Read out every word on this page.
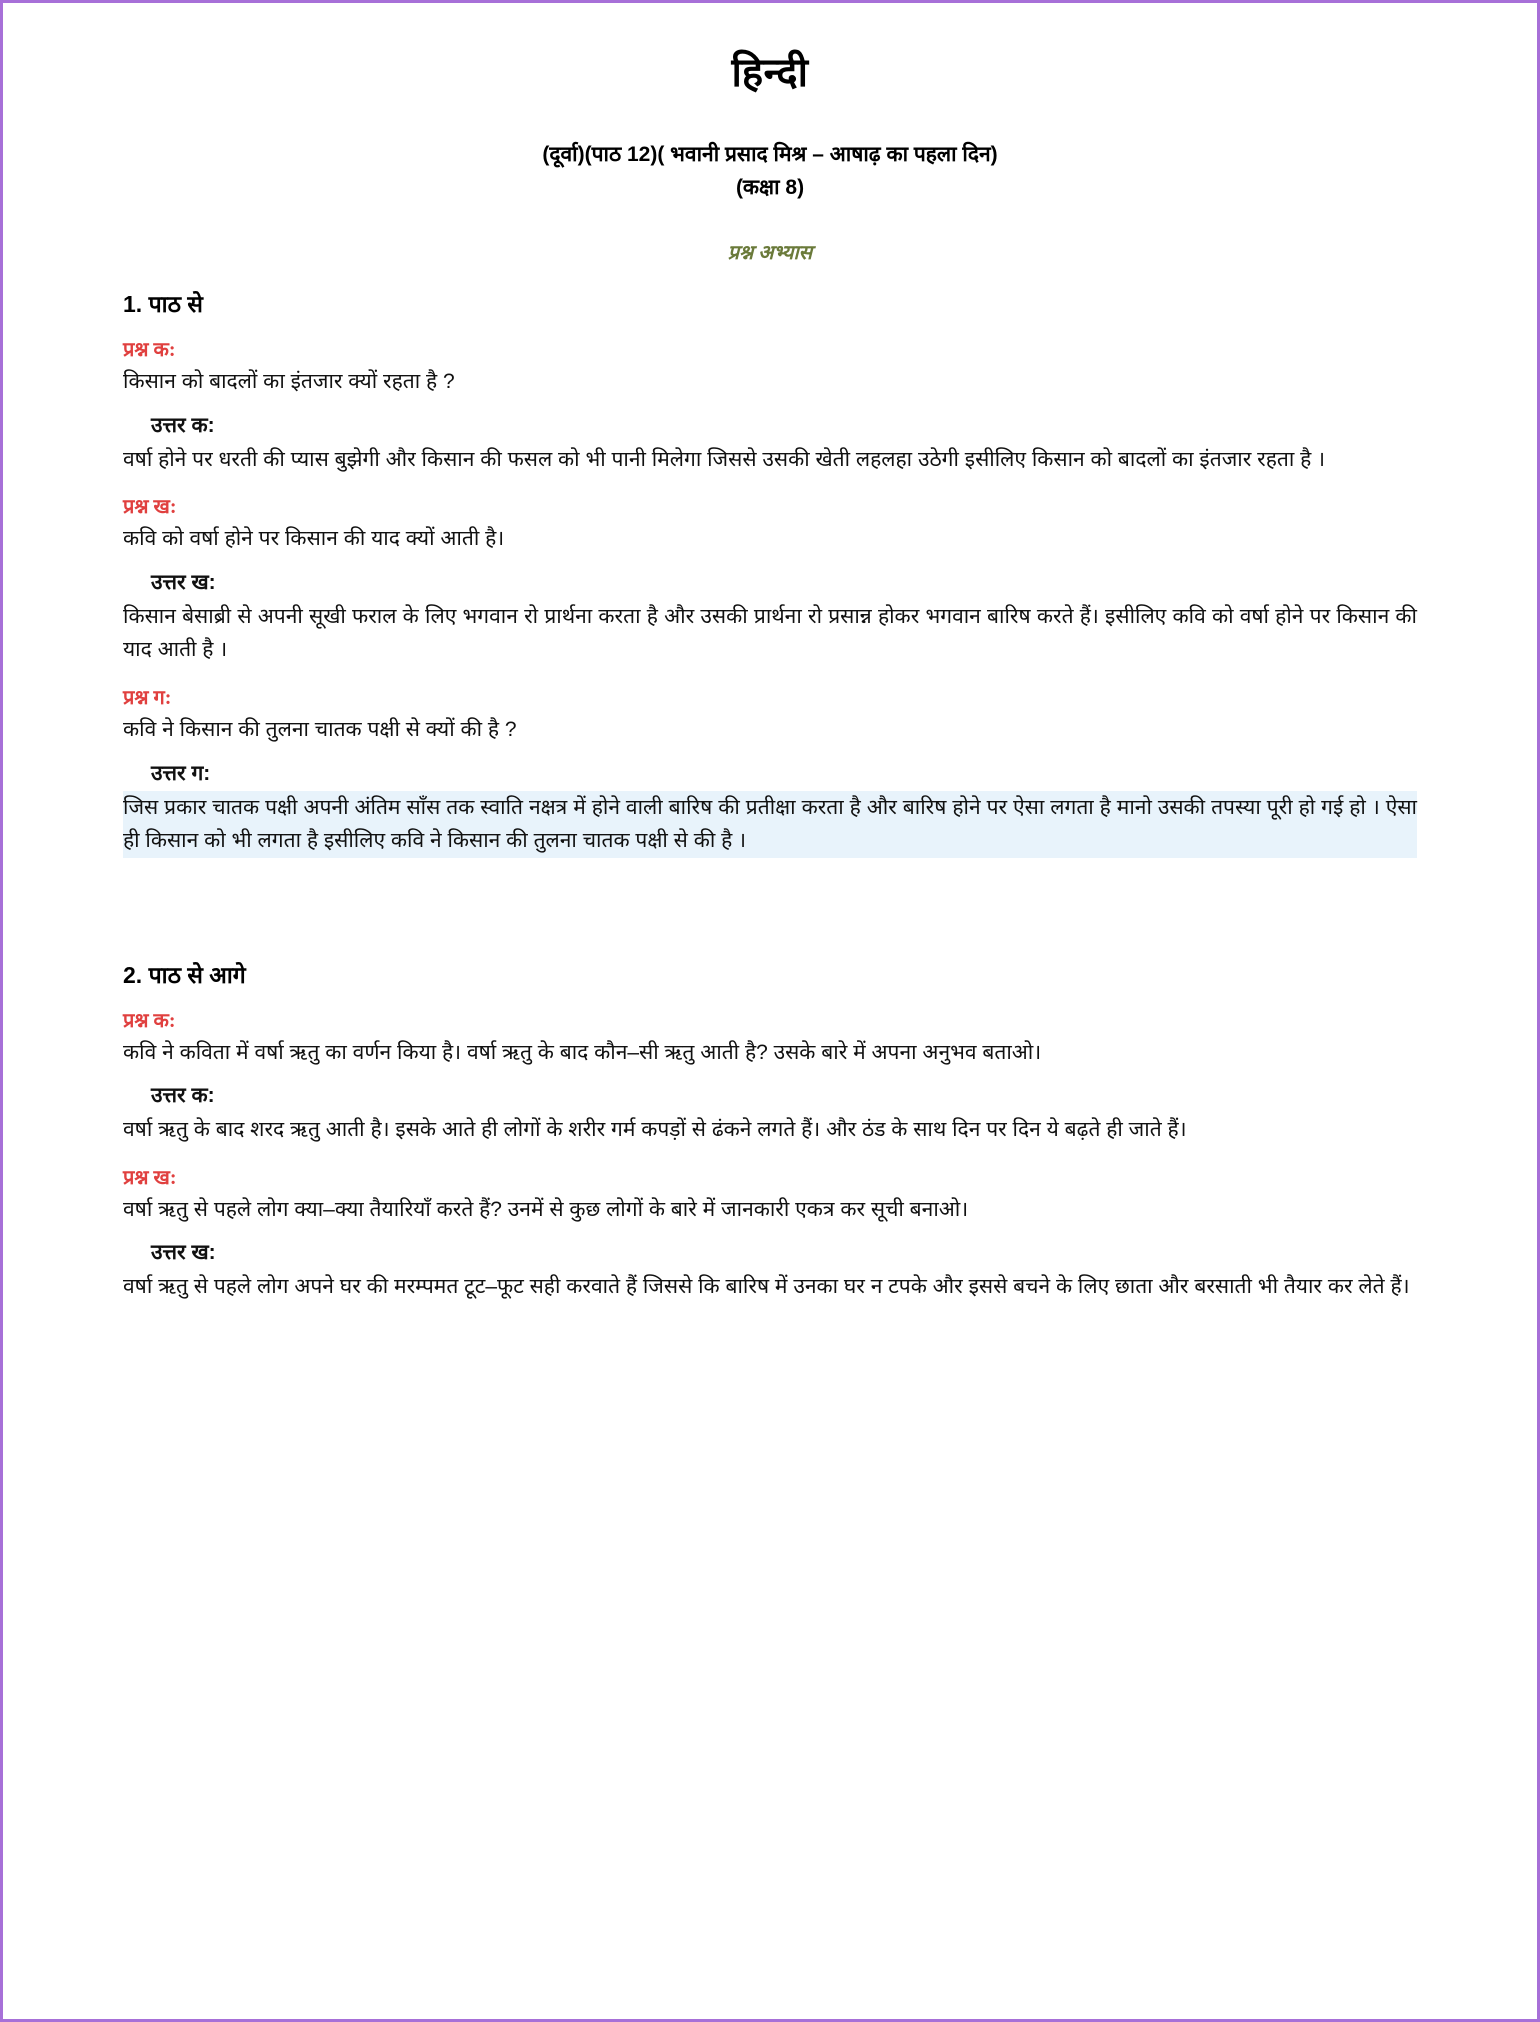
हिन्दी
(दूर्वा)(पाठ 12)( भवानी प्रसाद मिश्र – आषाढ़ का पहला दिन)
(कक्षा 8)
प्रश्न अभ्यास
1. पाठ से
प्रश्न क:
किसान को बादलों का इंतजार क्यों रहता है ?
उत्तर क:
वर्षा होने पर धरती की प्यास बुझेगी और किसान की फसल को भी पानी मिलेगा जिससे उसकी खेती लहलहा उठेगी इसीलिए किसान को बादलों का इंतजार रहता है ।
प्रश्न ख:
कवि को वर्षा होने पर किसान की याद क्यों आती है।
उत्तर ख:
किसान बेसाब्री से अपनी सूखी फराल के लिए भगवान रो प्रार्थना करता है और उसकी प्रार्थना रो प्रसान्न होकर भगवान बारिष करते हैं। इसीलिए कवि को वर्षा होने पर किसान की याद आती है ।
प्रश्न ग:
कवि ने किसान की तुलना चातक पक्षी से क्यों की है ?
उत्तर ग:
जिस प्रकार चातक पक्षी अपनी अंतिम सॉंस तक स्वाति नक्षत्र में होने वाली बारिष की प्रतीक्षा करता है और बारिष होने पर ऐसा लगता है मानो उसकी तपस्या पूरी हो गई हो । ऐसा ही किसान को भी लगता है इसीलिए कवि ने किसान की तुलना चातक पक्षी से की है ।
2. पाठ से आगे
प्रश्न क:
कवि ने कविता में वर्षा ऋतु का वर्णन किया है। वर्षा ऋतु के बाद कौन–सी ऋतु आती है? उसके बारे में अपना अनुभव बताओ।
उत्तर क:
वर्षा ऋतु के बाद शरद ऋतु आती है। इसके आते ही लोगों के शरीर गर्म कपड़ों से ढंकने लगते हैं। और ठंड के साथ दिन पर दिन ये बढ़ते ही जाते हैं।
प्रश्न ख:
वर्षा ऋतु से पहले लोग क्या–क्या तैयारियाँ करते हैं? उनमें से कुछ लोगों के बारे में जानकारी एकत्र कर सूची बनाओ।
उत्तर ख:
वर्षा ऋतु से पहले लोग अपने घर की मरम्पमत टूट–फूट सही करवाते हैं जिससे कि बारिष में उनका घर न टपके और इससे बचने के लिए छाता और बरसाती भी तैयार कर लेते हैं।
